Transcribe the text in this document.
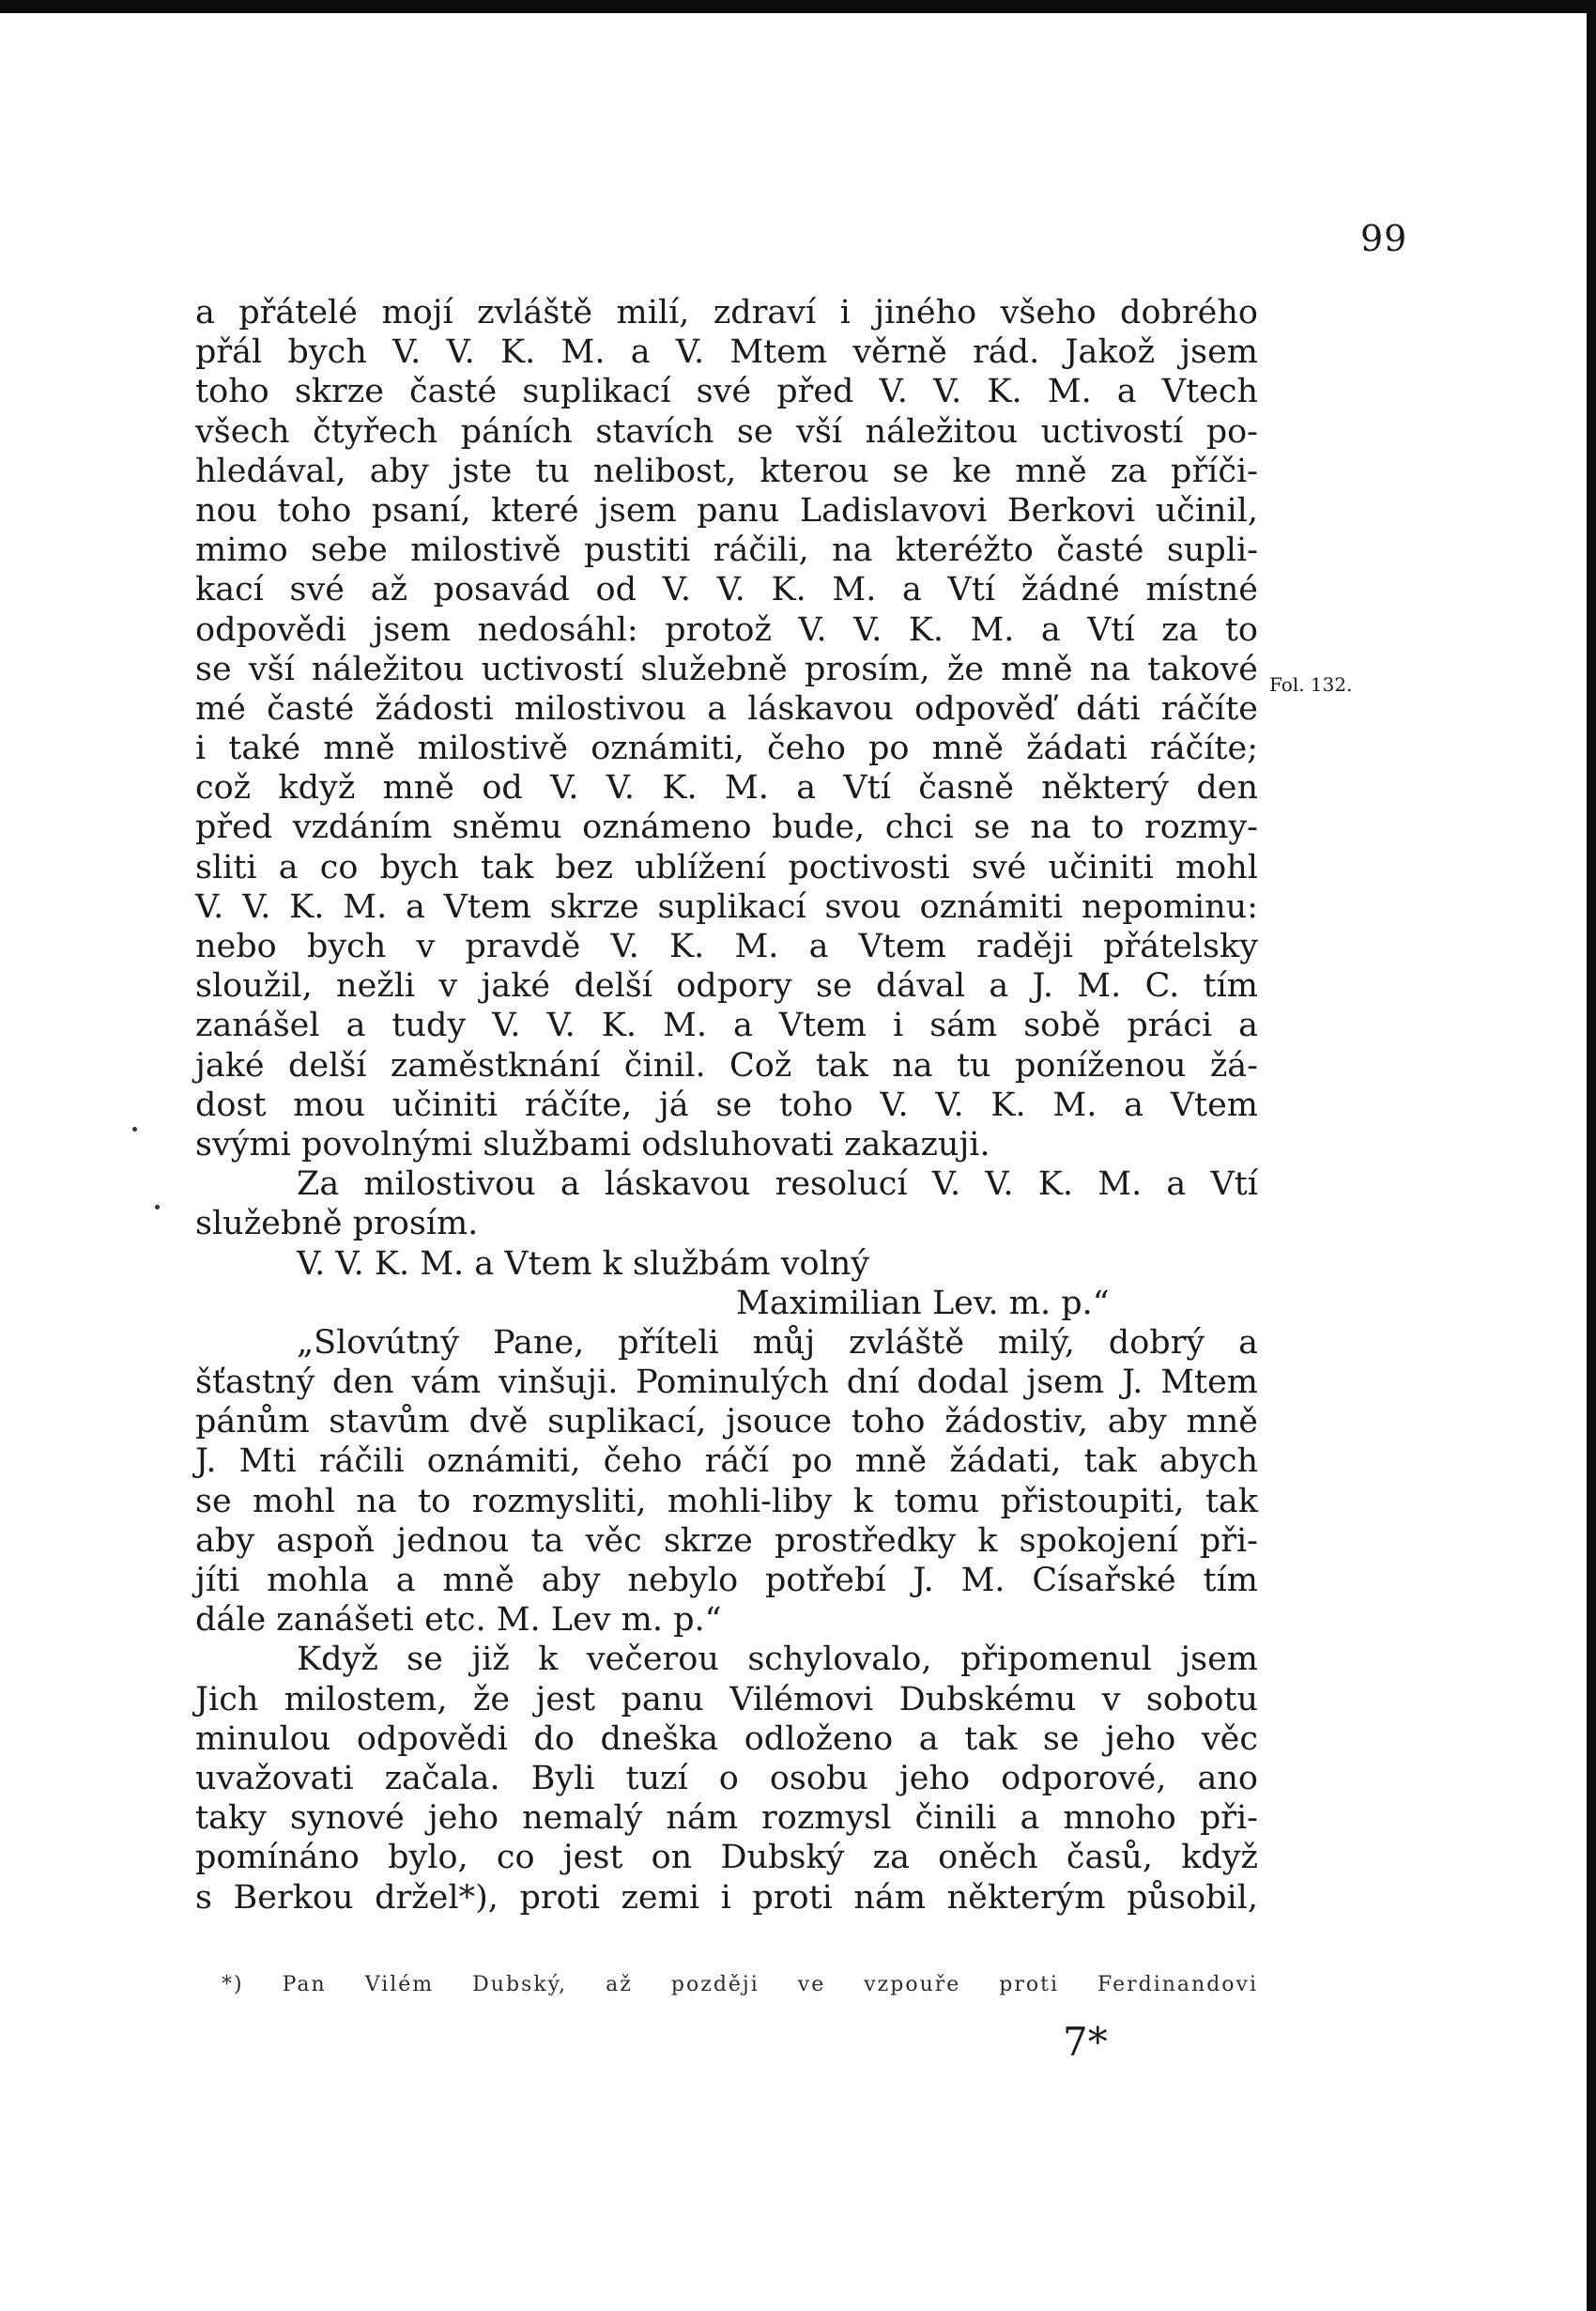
99
Fol. 132.
a přátelé mojí zvláště milí, zdraví i jiného všeho dobrého
přál bych V. V. K. M. a V. Mtem věrně rád. Jakož jsem
toho skrze časté suplikací své před V. V. K. M. a Vtech
všech čtyřech páních stavích se vší náležitou uctivostí po-
hledával, aby jste tu nelibost, kterou se ke mně za příči-
nou toho psaní, které jsem panu Ladislavovi Berkovi učinil,
mimo sebe milostivě pustiti ráčili, na kteréžto časté supli-
kací své až posavád od V. V. K. M. a Vtí žádné místné
odpovědi jsem nedosáhl: protož V. V. K. M. a Vtí za to
se vší náležitou uctivostí služebně prosím, že mně na takové
mé časté žádosti milostivou a láskavou odpověď dáti ráčíte
i také mně milostivě oznámiti, čeho po mně žádati ráčíte;
což když mně od V. V. K. M. a Vtí časně některý den
před vzdáním sněmu oznámeno bude, chci se na to rozmy-
sliti a co bych tak bez ublížení poctivosti své učiniti mohl
V. V. K. M. a Vtem skrze suplikací svou oznámiti nepominu:
nebo bych v pravdě V. K. M. a Vtem raději přátelsky
sloužil, nežli v jaké delší odpory se dával a J. M. C. tím
zanášel a tudy V. V. K. M. a Vtem i sám sobě práci a
jaké delší zaměstknání činil. Což tak na tu poníženou žá-
dost mou učiniti ráčíte, já se toho V. V. K. M. a Vtem
svými povolnými službami odsluhovati zakazuji.
Za milostivou a láskavou resolucí V. V. K. M. a Vtí
služebně prosím.
V. V. K. M. a Vtem k službám volný
Maximilian Lev. m. p.“
„Slovútný Pane, příteli můj zvláště milý, dobrý a
šťastný den vám vinšuji. Pominulých dní dodal jsem J. Mtem
pánům stavům dvě suplikací, jsouce toho žádostiv, aby mně
J. Mti ráčili oznámiti, čeho ráčí po mně žádati, tak abych
se mohl na to rozmysliti, mohli-liby k tomu přistoupiti, tak
aby aspoň jednou ta věc skrze prostředky k spokojení při-
jíti mohla a mně aby nebylo potřebí J. M. Císařské tím
dále zanášeti etc. M. Lev m. p.“
Když se již k večerou schylovalo, připomenul jsem
Jich milostem, že jest panu Vilémovi Dubskému v sobotu
minulou odpovědi do dneška odloženo a tak se jeho věc
uvažovati začala. Byli tuzí o osobu jeho odporové, ano
taky synové jeho nemalý nám rozmysl činili a mnoho při-
pomínáno bylo, co jest on Dubský za oněch časů, když
s Berkou držel*), proti zemi i proti nám některým působil,
*) Pan Vilém Dubský, až později ve vzpouře proti Ferdinandovi
7*
